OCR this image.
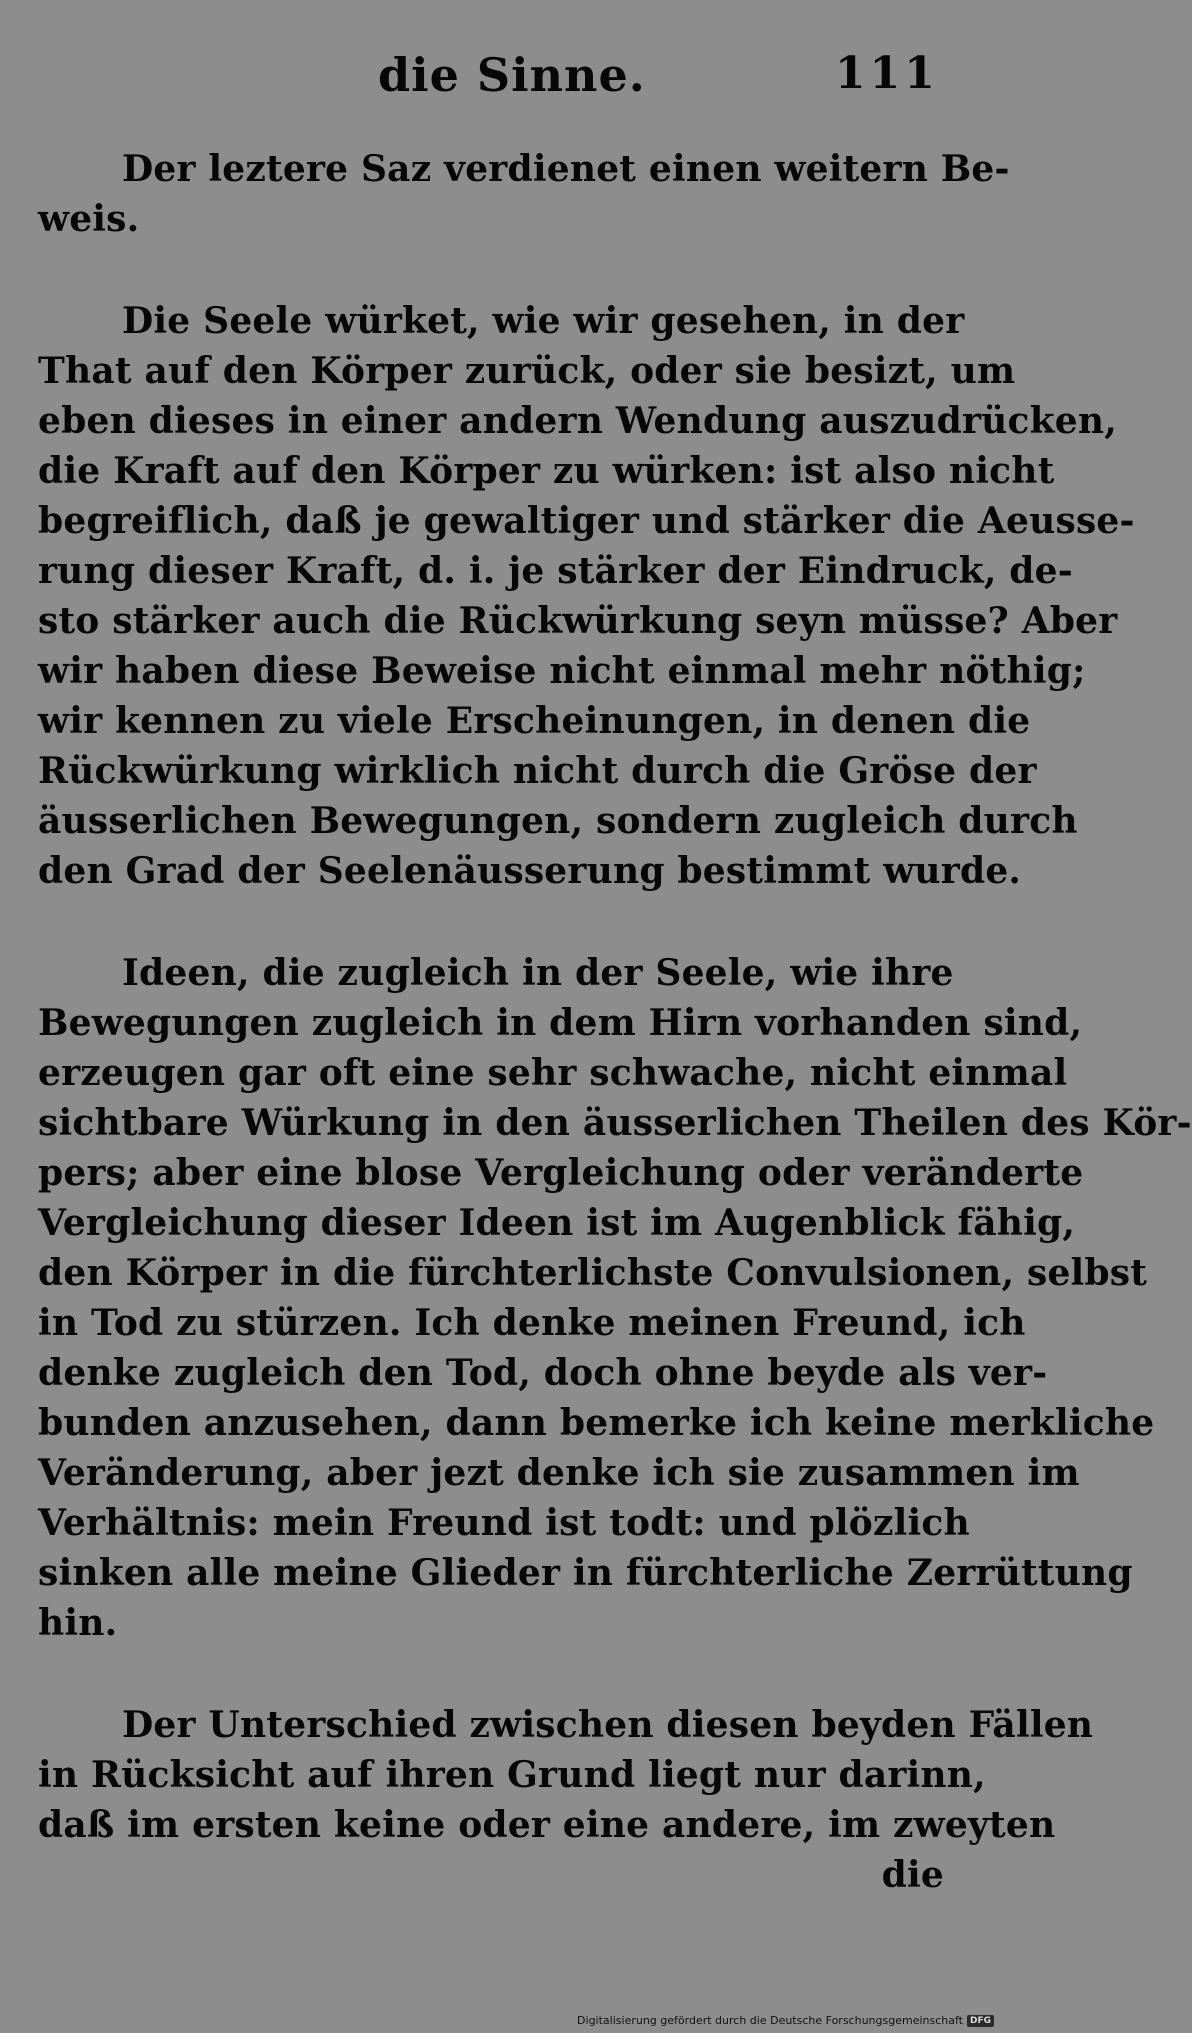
die Sinne.	111
Der leztere Saz verdienet einen weitern Be-
weis.
Die Seele würket, wie wir gesehen, in der
That auf den Körper zurück, oder sie besizt, um
eben dieses in einer andern Wendung auszudrücken,
die Kraft auf den Körper zu würken: ist also nicht
begreiflich, daß je gewaltiger und stärker die Aeusse-
rung dieser Kraft, d. i. je stärker der Eindruck, de-
sto stärker auch die Rückwürkung seyn müsse? Aber
wir haben diese Beweise nicht einmal mehr nöthig;
wir kennen zu viele Erscheinungen, in denen die
Rückwürkung wirklich nicht durch die Gröse der
äusserlichen Bewegungen, sondern zugleich durch
den Grad der Seelenäusserung bestimmt wurde.
Ideen, die zugleich in der Seele, wie ihre
Bewegungen zugleich in dem Hirn vorhanden sind,
erzeugen gar oft eine sehr schwache, nicht einmal
sichtbare Würkung in den äusserlichen Theilen des Kör-
pers; aber eine blose Vergleichung oder veränderte
Vergleichung dieser Ideen ist im Augenblick fähig,
den Körper in die fürchterlichste Convulsionen, selbst
in Tod zu stürzen. Ich denke meinen Freund, ich
denke zugleich den Tod, doch ohne beyde als ver-
bunden anzusehen, dann bemerke ich keine merkliche
Veränderung, aber jezt denke ich sie zusammen im
Verhältnis: mein Freund ist todt: und plözlich
sinken alle meine Glieder in fürchterliche Zerrüttung
hin.
Der Unterschied zwischen diesen beyden Fällen
in Rücksicht auf ihren Grund liegt nur darinn,
daß im ersten keine oder eine andere, im zweyten
die
Digitalisierung gefördert durch die Deutsche Forschungsgemeinschaft DFG
